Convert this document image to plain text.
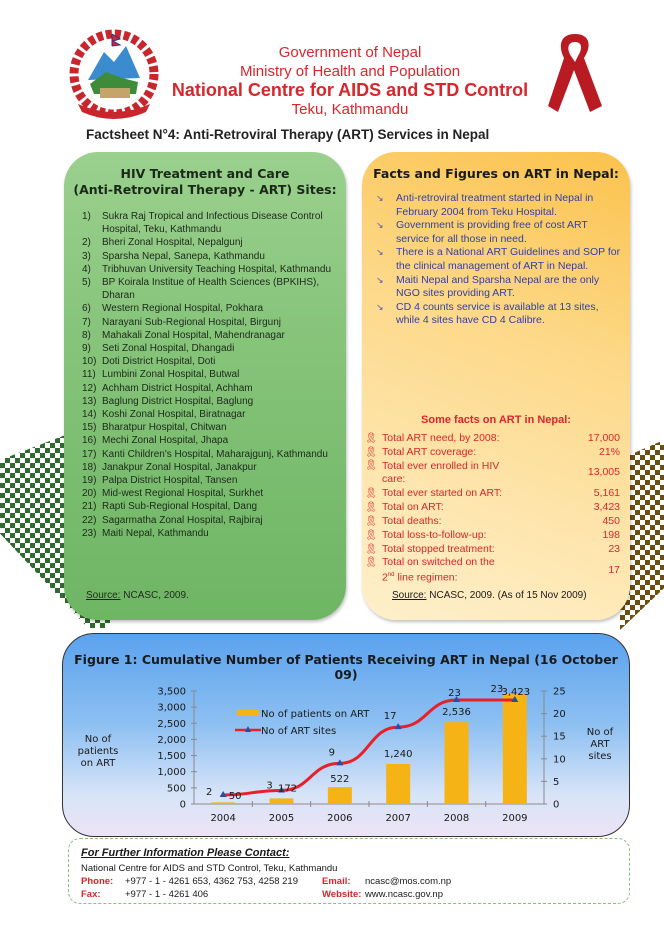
Government of Nepal
Ministry of Health and Population
National Centre for AIDS and STD Control
Teku, Kathmandu
Factsheet N°4: Anti-Retroviral Therapy (ART) Services in Nepal
HIV Treatment and Care
(Anti-Retroviral Therapy - ART) Sites:
1)	Sukra Raj Tropical and Infectious Disease Control Hospital, Teku, Kathmandu
2)	Bheri Zonal Hospital, Nepalgunj
3)	Sparsha Nepal, Sanepa, Kathmandu
4)	Tribhuvan University Teaching Hospital, Kathmandu
5)	BP Koirala Institue of Health Sciences (BPKIHS), Dharan
6)	Western Regional Hospital, Pokhara
7)	Narayani Sub-Regional Hospital, Birgunj
8)	Mahakali Zonal Hospital, Mahendranagar
9)	Seti Zonal Hospital, Dhangadi
10) Doti District Hospital, Doti
11) Lumbini Zonal Hospital, Butwal
12) Achham District Hospital, Achham
13) Baglung District Hospital, Baglung
14) Koshi Zonal Hospital, Biratnagar
15) Bharatpur Hospital, Chitwan
16) Mechi Zonal Hospital, Jhapa
17) Kanti Children's Hospital, Maharajgunj, Kathmandu
18) Janakpur Zonal Hospital, Janakpur
19) Palpa District Hospital, Tansen
20) Mid-west Regional Hospital, Surkhet
21) Rapti Sub-Regional Hospital, Dang
22) Sagarmatha Zonal Hospital, Rajbiraj
23) Maiti Nepal, Kathmandu
Source: NCASC, 2009.
Facts and Figures on ART in Nepal:
↘	Anti-retroviral treatment started in Nepal in February 2004 from Teku Hospital.
↘	Government is providing free of cost ART service for all those in need.
↘	There is a National ART Guidelines and SOP for the clinical management of ART in Nepal.
↘	Maiti Nepal and Sparsha Nepal are the only NGO sites providing ART.
↘	CD 4 counts service is available at 13 sites, while 4 sites have CD 4 Calibre.
Some facts on ART in Nepal:
🎗︎ Total ART need, by 2008:	17,000
🎗︎ Total ART coverage:	21%
🎗︎ Total ever enrolled in HIV care:
13,005
🎗︎ Total ever started on ART:	5,161
🎗︎ Total on ART:	3,423
🎗︎ Total deaths:	450
🎗︎ Total loss-to-follow-up:	198
🎗︎ Total stopped treatment:	23
🎗︎ Total on switched on the
2nd line regimen:
17
Source: NCASC, 2009. (As of 15 Nov 2009)
Figure 1: Cumulative Number of Patients Receiving ART in Nepal (16 October 09)
0
500
1,000
1,500
2,000
2,500
3,000
3,500
0
5
10
15
20
25
No of
patients
on ART
No of
ART
sites
2004	2005	2006	2007	2008	2009
50
172
522
1,240
2,536
3,423
2
3
9
17
23	23
No of patients on ART
No of ART sites
For Further Information Please Contact:
National Centre for AIDS and STD Control, Teku, Kathmandu
Phone: +977 - 1 - 4261 653, 4362 753, 4258 219
Fax:	+977 - 1 - 4261 406
Email: ncasc@mos.com.np
Website: www.ncasc.gov.np
